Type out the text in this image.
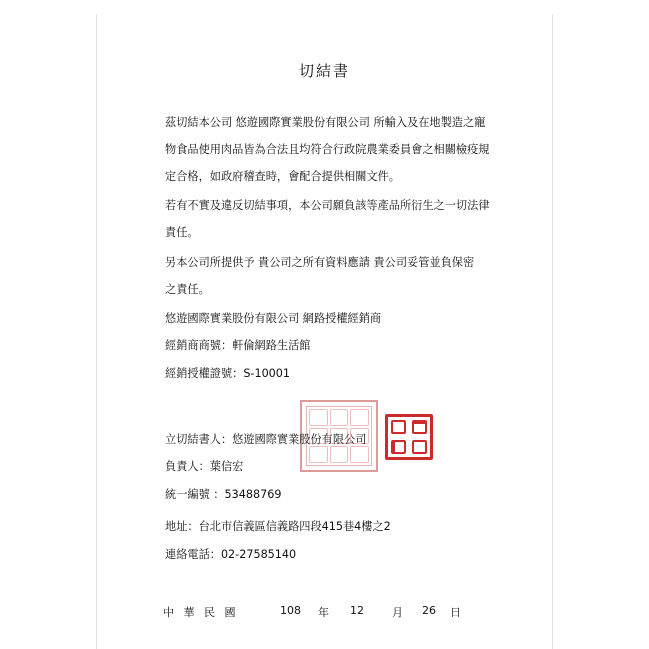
切結書
茲切結本公司 悠遊國際實業股份有限公司 所輸入及在地製造之寵
物食品使用肉品皆為合法且均符合行政院農業委員會之相關檢疫規
定合格，如政府稽查時，會配合提供相關文件。
若有不實及違反切結事項，本公司願負該等產品所衍生之一切法律
責任。
另本公司所提供予 貴公司之所有資料應請 貴公司妥管並負保密
之責任。
悠遊國際實業股份有限公司 網路授權經銷商
經銷商商號：軒倫網路生活館
經銷授權證號：S-10001
立切結書人：悠遊國際實業股份有限公司
負責人：葉信宏
統一編號 ：53488769
地址：台北市信義區信義路四段415巷4樓之2
連絡電話：02-27585140
中 華 民 國	108 年 12	月 26 日
